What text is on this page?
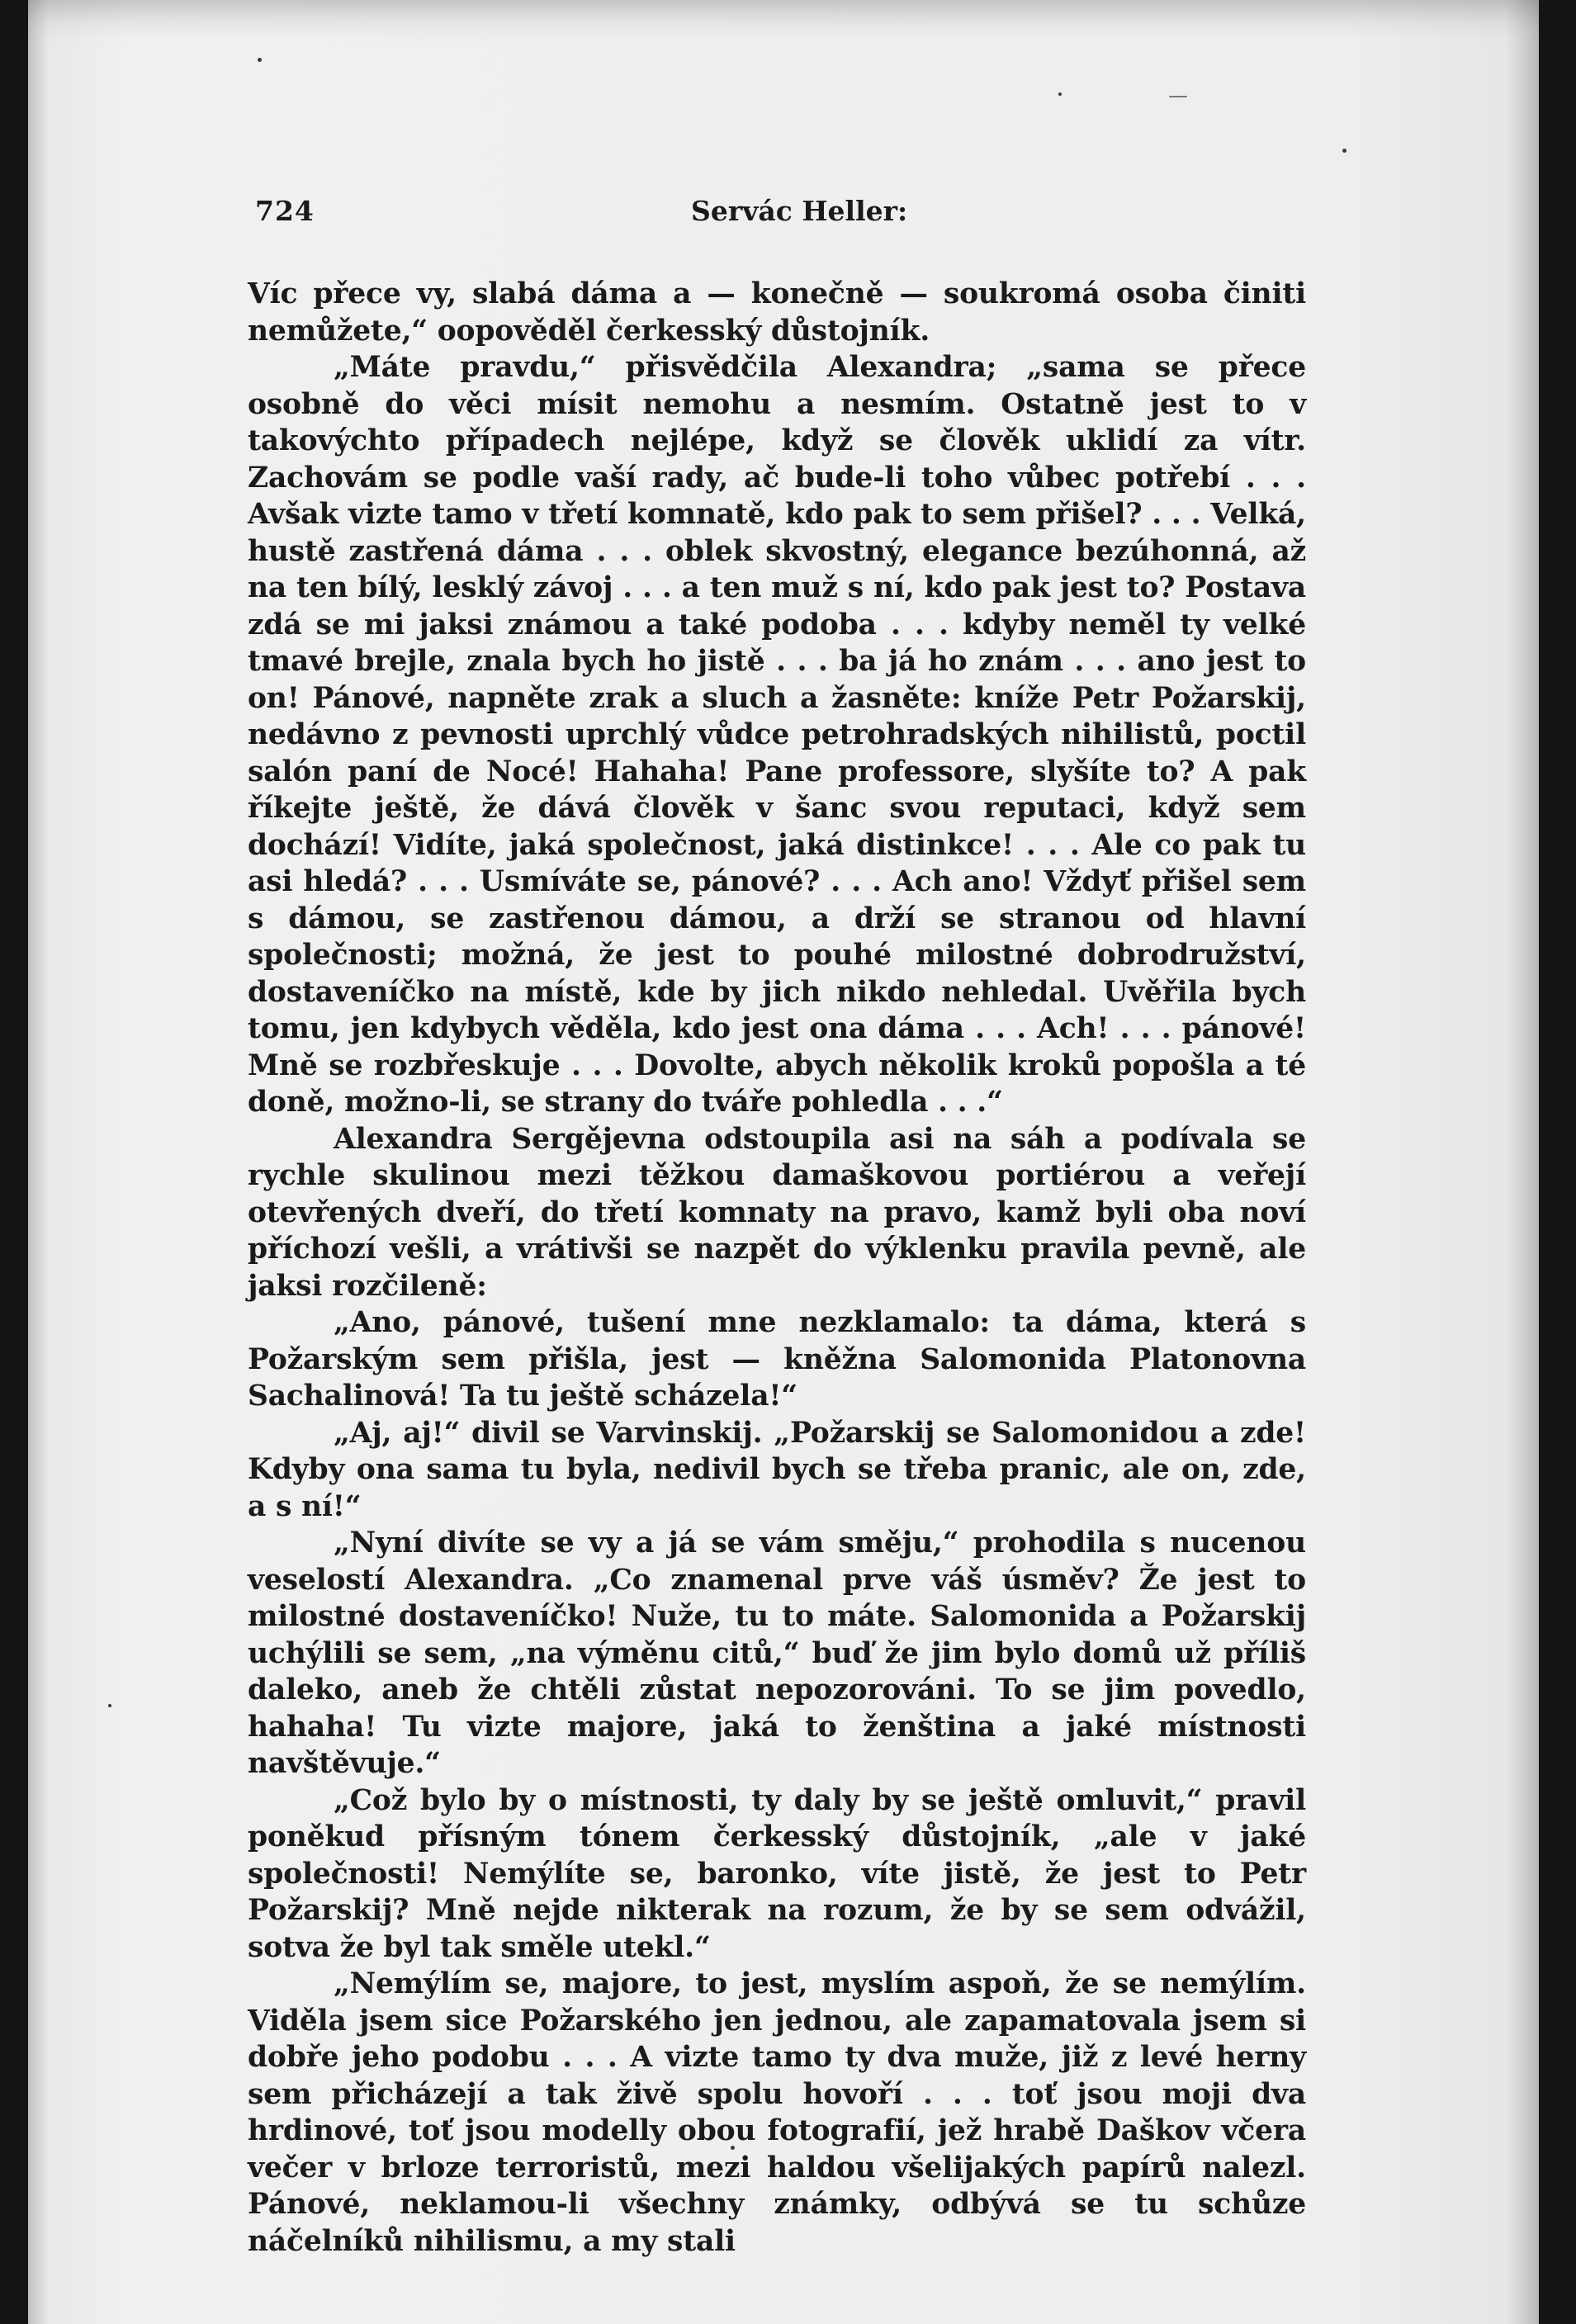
724	Servác Heller:

Víc přece vy, slabá dáma a — konečně — soukromá osoba činiti nemůžete,“ oopověděl čerkesský důstojník.

„Máte pravdu,“ přisvědčila Alexandra; „sama se přece osobně do věci mísit nemohu a nesmím. Ostatně jest to v takovýchto případech nejlépe, když se člověk uklidí za vítr. Zachovám se podle vaší rady, ač bude-li toho vůbec potřebí . . . Avšak vizte tamo v třetí komnatě, kdo pak to sem přišel? . . . Velká, hustě zastřená dáma . . . oblek skvostný, elegance bezúhonná, až na ten bílý, lesklý závoj . . . a ten muž s ní, kdo pak jest to? Postava zdá se mi jaksi známou a také podoba . . . kdyby neměl ty velké tmavé brejle, znala bych ho jistě . . . ba já ho znám . . . ano jest to on! Pánové, napněte zrak a sluch a žasněte: kníže Petr Požarskij, nedávno z pevnosti uprchlý vůdce petrohradských nihilistů, poctil salón paní de Nocé! Hahaha! Pane professore, slyšíte to? A pak říkejte ještě, že dává člověk v šanc svou reputaci, když sem dochází! Vidíte, jaká společnost, jaká distinkce! . . . Ale co pak tu asi hledá? . . . Usmíváte se, pánové? . . . Ach ano! Vždyť přišel sem s dámou, se zastřenou dámou, a drží se stranou od hlavní společnosti; možná, že jest to pouhé milostné dobrodružství, dostaveníčko na místě, kde by jich nikdo nehledal. Uvěřila bych tomu, jen kdybych věděla, kdo jest ona dáma . . . Ach! . . . pánové! Mně se rozbřeskuje . . . Dovolte, abych několik kroků popošla a té doně, možno-li, se strany do tváře pohledla . . .“

Alexandra Sergějevna odstoupila asi na sáh a podívala se rychle skulinou mezi těžkou damaškovou portiérou a veřejí otevřených dveří, do třetí komnaty na pravo, kamž byli oba noví příchozí vešli, a vrátivši se nazpět do výklenku pravila pevně, ale jaksi rozčileně:

„Ano, pánové, tušení mne nezklamalo: ta dáma, která s Požarským sem přišla, jest — kněžna Salomonida Platonovna Sachalinová! Ta tu ještě scházela!“

„Aj, aj!“ divil se Varvinskij. „Požarskij se Salomonidou a zde! Kdyby ona sama tu byla, nedivil bych se třeba pranic, ale on, zde, a s ní!“

„Nyní divíte se vy a já se vám směju,“ prohodila s nucenou veselostí Alexandra. „Co znamenal prve váš úsměv? Že jest to milostné dostaveníčko! Nuže, tu to máte. Salomonida a Požarskij uchýlili se sem, „na výměnu citů,“ buď že jim bylo domů už příliš daleko, aneb že chtěli zůstat nepozorováni. To se jim povedlo, hahaha! Tu vizte majore, jaká to ženština a jaké místnosti navštěvuje.“

„Což bylo by o místnosti, ty daly by se ještě omluvit,“ pravil poněkud přísným tónem čerkesský důstojník, „ale v jaké společnosti! Nemýlíte se, baronko, víte jistě, že jest to Petr Požarskij? Mně nejde nikterak na rozum, že by se sem odvážil, sotva že byl tak směle utekl.“

„Nemýlím se, majore, to jest, myslím aspoň, že se nemýlím. Viděla jsem sice Požarského jen jednou, ale zapamatovala jsem si dobře jeho podobu . . . A vizte tamo ty dva muže, již z levé herny sem přicházejí a tak živě spolu hovoří . . . toť jsou moji dva hrdinové, toť jsou modelly obou fotografií, jež hrabě Daškov včera večer v brloze terroristů, mezi haldou všelijakých papírů nalezl. Pánové, neklamou-li všechny známky, odbývá se tu schůze náčelníků nihilismu, a my stali
